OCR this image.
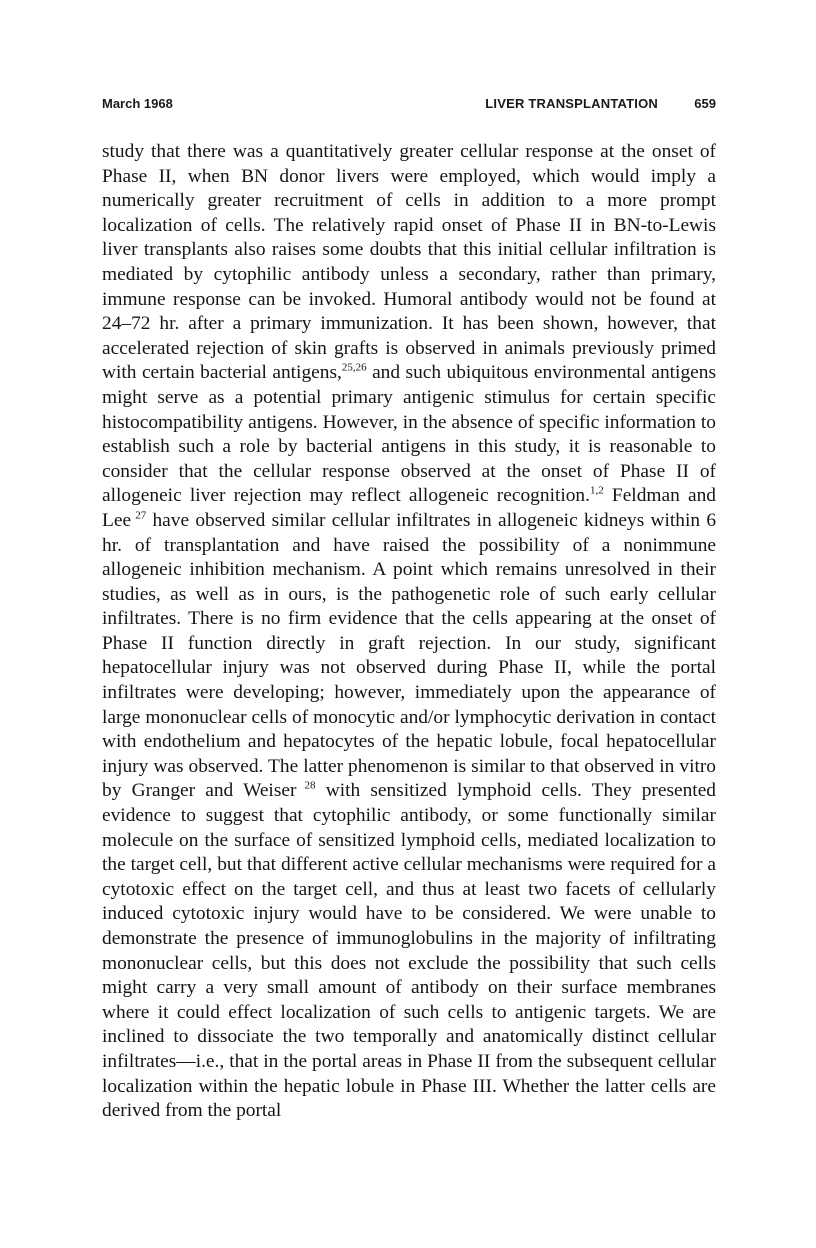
March 1968	LIVER TRANSPLANTATION	659

study that there was a quantitatively greater cellular response at the onset of Phase II, when BN donor livers were employed, which would imply a numerically greater recruitment of cells in addition to a more prompt localization of cells. The relatively rapid onset of Phase II in BN-to-Lewis liver transplants also raises some doubts that this initial cellular infiltration is mediated by cytophilic antibody unless a secondary, rather than primary, immune response can be invoked. Humoral antibody would not be found at 24–72 hr. after a primary immunization. It has been shown, however, that accelerated rejection of skin grafts is observed in animals previously primed with certain bacterial antigens,$^{25,26}$ and such ubiquitous environmental antigens might serve as a potential primary antigenic stimulus for certain specific histocompatibility antigens. However, in the absence of specific information to establish such a role by bacterial antigens in this study, it is reasonable to consider that the cellular response observed at the onset of Phase II of allogeneic liver rejection may reflect allogeneic recognition.$^{1,2}$ Feldman and Lee $^{27}$ have observed similar cellular infiltrates in allogeneic kidneys within 6 hr. of transplantation and have raised the possibility of a nonimmune allogeneic inhibition mechanism. A point which remains unresolved in their studies, as well as in ours, is the pathogenetic role of such early cellular infiltrates. There is no firm evidence that the cells appearing at the onset of Phase II function directly in graft rejection. In our study, significant hepatocellular injury was not observed during Phase II, while the portal infiltrates were developing; however, immediately upon the appearance of large mononuclear cells of monocytic and/or lymphocytic derivation in contact with endothelium and hepatocytes of the hepatic lobule, focal hepatocellular injury was observed. The latter phenomenon is similar to that observed in vitro by Granger and Weiser $^{28}$ with sensitized lymphoid cells. They presented evidence to suggest that cytophilic antibody, or some functionally similar molecule on the surface of sensitized lymphoid cells, mediated localization to the target cell, but that different active cellular mechanisms were required for a cytotoxic effect on the target cell, and thus at least two facets of cellularly induced cytotoxic injury would have to be considered. We were unable to demonstrate the presence of immunoglobulins in the majority of infiltrating mononuclear cells, but this does not exclude the possibility that such cells might carry a very small amount of antibody on their surface membranes where it could effect localization of such cells to antigenic targets. We are inclined to dissociate the two temporally and anatomically distinct cellular infiltrates—i.e., that in the portal areas in Phase II from the subsequent cellular localization within the hepatic lobule in Phase III. Whether the latter cells are derived from the portal
